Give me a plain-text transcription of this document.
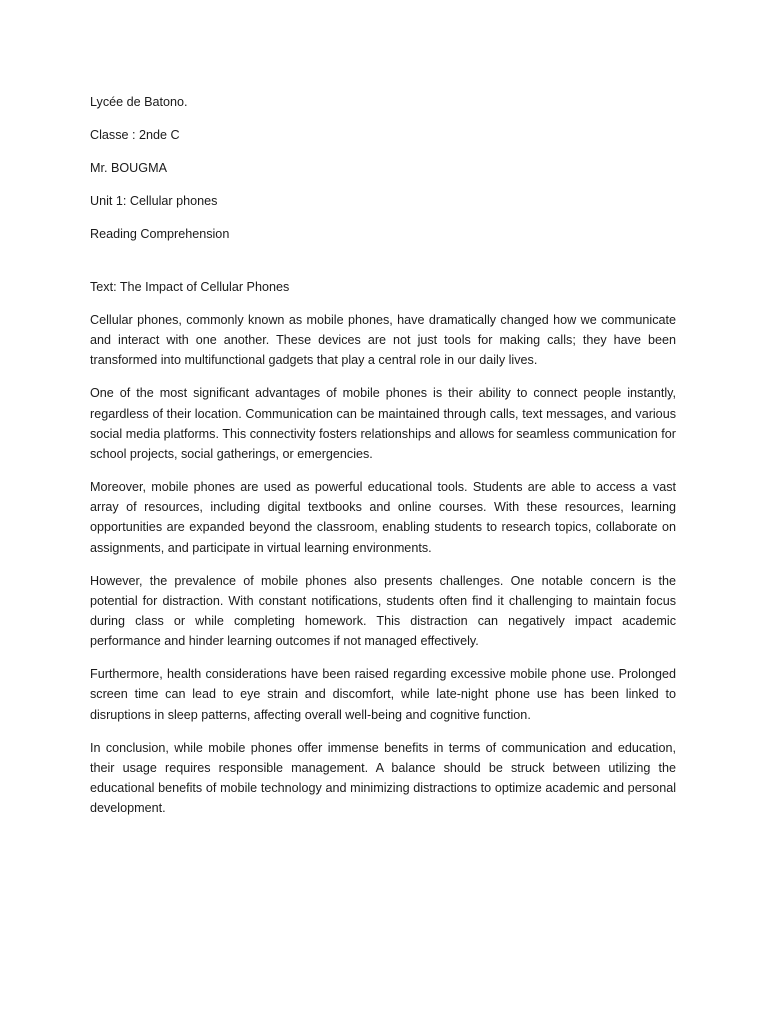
Lycée de Batono.

Classe : 2nde C

Mr. BOUGMA

Unit 1: Cellular phones

Reading Comprehension

Text: The Impact of Cellular Phones

Cellular phones, commonly known as mobile phones, have dramatically changed how we communicate and interact with one another. These devices are not just tools for making calls; they have been transformed into multifunctional gadgets that play a central role in our daily lives.

One of the most significant advantages of mobile phones is their ability to connect people instantly, regardless of their location. Communication can be maintained through calls, text messages, and various social media platforms. This connectivity fosters relationships and allows for seamless communication for school projects, social gatherings, or emergencies.

Moreover, mobile phones are used as powerful educational tools. Students are able to access a vast array of resources, including digital textbooks and online courses. With these resources, learning opportunities are expanded beyond the classroom, enabling students to research topics, collaborate on assignments, and participate in virtual learning environments.

However, the prevalence of mobile phones also presents challenges. One notable concern is the potential for distraction. With constant notifications, students often find it challenging to maintain focus during class or while completing homework. This distraction can negatively impact academic performance and hinder learning outcomes if not managed effectively.

Furthermore, health considerations have been raised regarding excessive mobile phone use. Prolonged screen time can lead to eye strain and discomfort, while late-night phone use has been linked to disruptions in sleep patterns, affecting overall well-being and cognitive function.

In conclusion, while mobile phones offer immense benefits in terms of communication and education, their usage requires responsible management. A balance should be struck between utilizing the educational benefits of mobile technology and minimizing distractions to optimize academic and personal development.
